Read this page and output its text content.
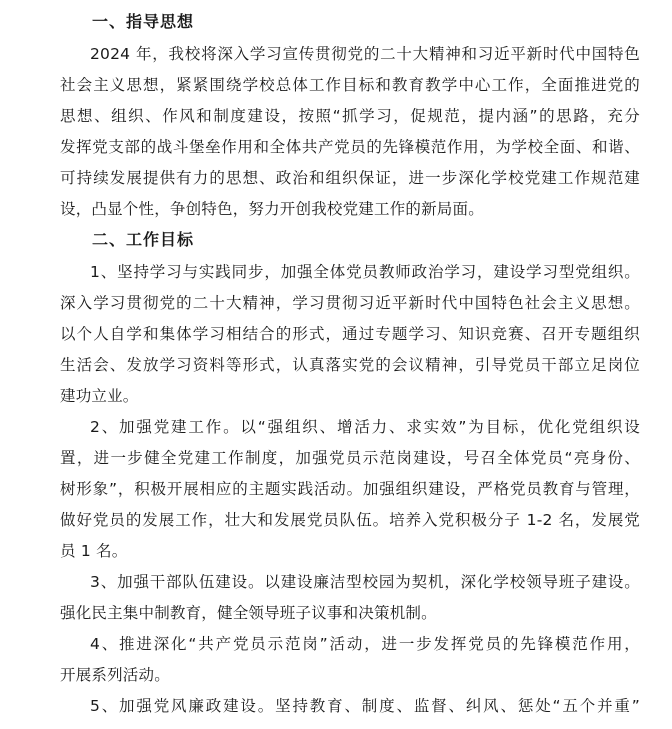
一、指导思想
2024 年，我校将深入学习宣传贯彻党的二十大精神和习近平新时代中国特色
社会主义思想，紧紧围绕学校总体工作目标和教育教学中心工作，全面推进党的
思想、组织、作风和制度建设，按照“抓学习，促规范，提内涵”的思路，充分
发挥党支部的战斗堡垒作用和全体共产党员的先锋模范作用，为学校全面、和谐、
可持续发展提供有力的思想、政治和组织保证，进一步深化学校党建工作规范建
设，凸显个性，争创特色，努力开创我校党建工作的新局面。
二、工作目标
1、坚持学习与实践同步，加强全体党员教师政治学习，建设学习型党组织。
深入学习贯彻党的二十大精神，学习贯彻习近平新时代中国特色社会主义思想。
以个人自学和集体学习相结合的形式，通过专题学习、知识竞赛、召开专题组织
生活会、发放学习资料等形式，认真落实党的会议精神，引导党员干部立足岗位
建功立业。
2、加强党建工作。以“强组织、增活力、求实效”为目标，优化党组织设
置，进一步健全党建工作制度，加强党员示范岗建设，号召全体党员“亮身份、
树形象”，积极开展相应的主题实践活动。加强组织建设，严格党员教育与管理，
做好党员的发展工作，壮大和发展党员队伍。培养入党积极分子 1-2 名，发展党
员 1 名。
3、加强干部队伍建设。以建设廉洁型校园为契机，深化学校领导班子建设。
强化民主集中制教育，健全领导班子议事和决策机制。
4、推进深化“共产党员示范岗”活动，进一步发挥党员的先锋模范作用，
开展系列活动。
5、加强党风廉政建设。坚持教育、制度、监督、纠风、惩处“五个并重”
